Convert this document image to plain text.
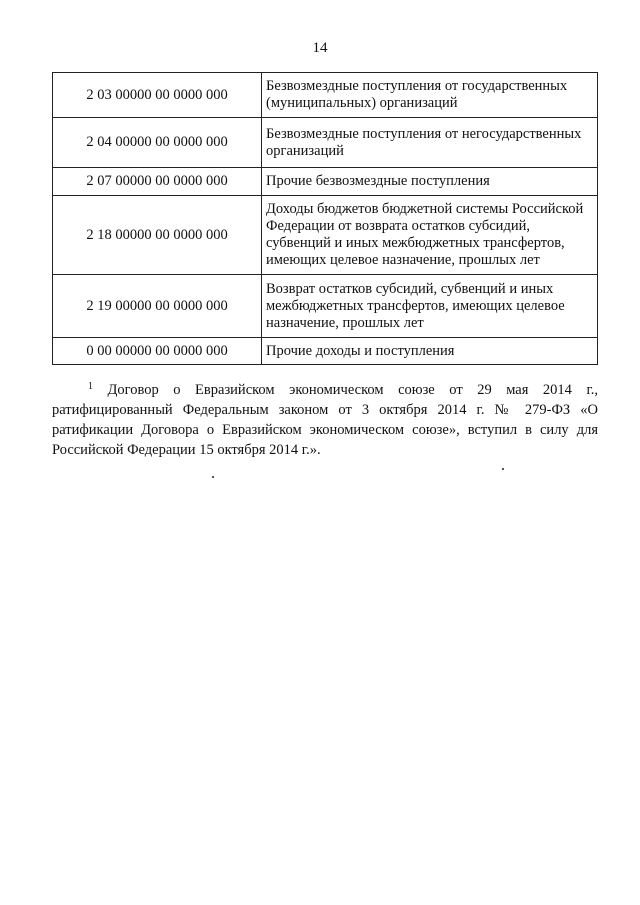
14
2 03 00000 00 0000 000	Безвозмездные поступления от государственных (муниципальных) организаций
2 04 00000 00 0000 000	Безвозмездные поступления от негосударственных организаций
2 07 00000 00 0000 000	Прочие безвозмездные поступления
2 18 00000 00 0000 000	Доходы бюджетов бюджетной системы Российской Федерации от возврата остатков субсидий, субвенций и иных межбюджетных трансфертов, имеющих целевое назначение, прошлых лет
2 19 00000 00 0000 000	Возврат остатков субсидий, субвенций и иных межбюджетных трансфертов, имеющих целевое назначение, прошлых лет
0 00 00000 00 0000 000	Прочие доходы и поступления

$^1$ Договор о Евразийском экономическом союзе от 29 мая 2014 г., ратифицированный Федеральным законом от 3 октября 2014 г. № 279-ФЗ «О ратификации Договора о Евразийском экономическом союзе», вступил в силу для Российской Федерации 15 октября 2014 г.».
